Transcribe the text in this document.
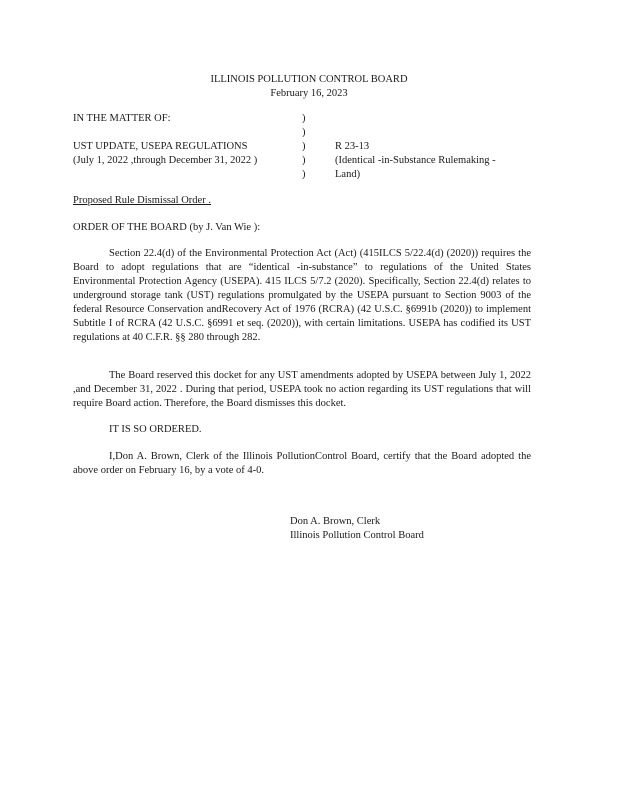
ILLINOIS POLLUTION CONTROL BOARD
February 16, 2023
IN THE MATTER OF:
UST UPDATE, USEPA REGULATIONS
(July 1, 2022 ,through December 31, 2022 )
)
)
)
)
)
R 23-13
(Identical -in-Substance Rulemaking -
Land)
Proposed Rule Dismissal Order .
ORDER OF THE BOARD (by J. Van Wie ):
Section 22.4(d) of the Environmental Protection Act (Act) (415ILCS 5/22.4(d) (2020)) requires the Board to adopt regulations that are “identical -in-substance” to regulations of the United States Environmental Protection Agency (USEPA). 415 ILCS 5/7.2 (2020). Specifically, Section 22.4(d) relates to underground storage tank (UST) regulations promulgated by the USEPA pursuant to Section 9003 of the federal Resource Conservation andRecovery Act of 1976 (RCRA) (42 U.S.C. §6991b (2020)) to implement Subtitle I of RCRA (42 U.S.C. §6991 et seq. (2020)), with certain limitations. USEPA has codified its UST regulations at 40 C.F.R. §§ 280 through 282.
The Board reserved this docket for any UST amendments adopted by USEPA between July 1, 2022 ,and December 31, 2022 . During that period, USEPA took no action regarding its UST regulations that will require Board action. Therefore, the Board dismisses this docket.
IT IS SO ORDERED.
I,Don A. Brown, Clerk of the Illinois PollutionControl Board, certify that the Board adopted the above order on February 16, by a vote of 4-0.
Don A. Brown, Clerk
Illinois Pollution Control Board
